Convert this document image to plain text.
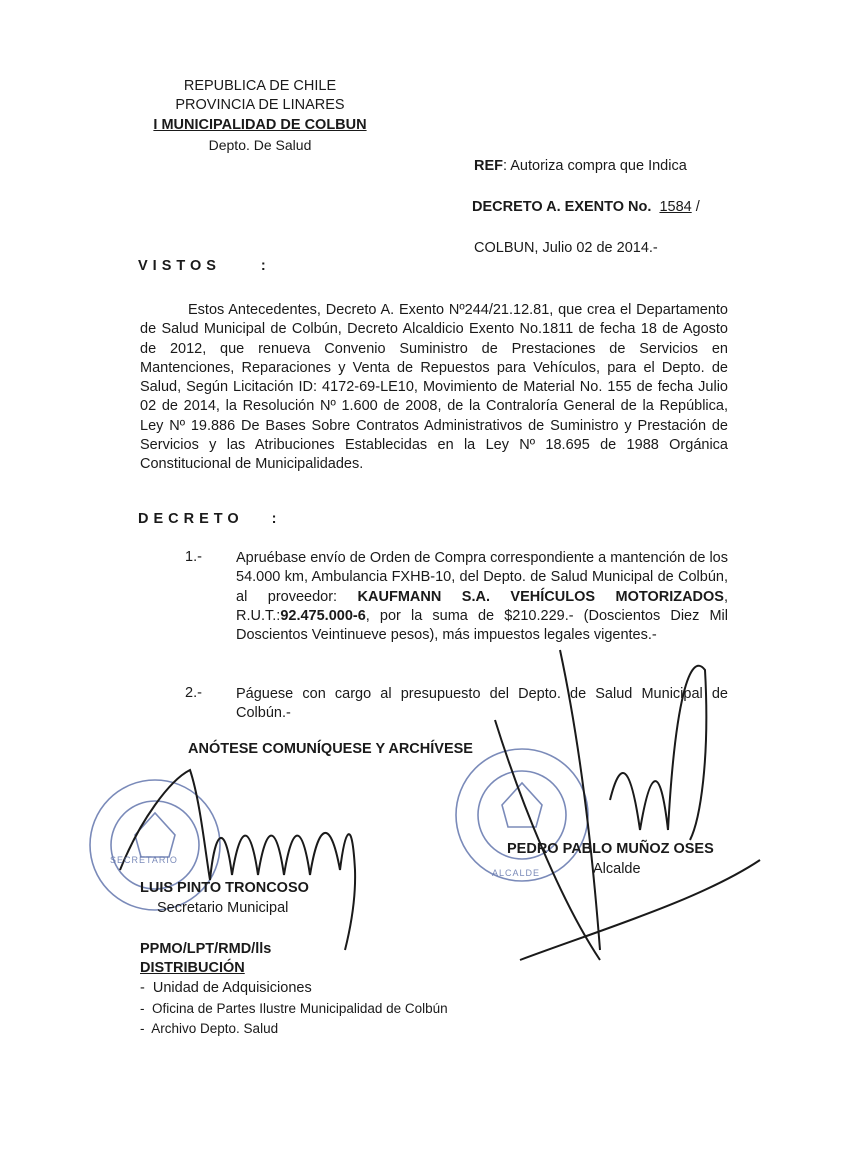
REPUBLICA DE CHILE
PROVINCIA DE LINARES
I MUNICIPALIDAD DE COLBUN
Depto. De Salud
REF: Autoriza compra que Indica
DECRETO A. EXENTO No. 1584 /
COLBUN, Julio 02 de 2014.-
VISTOS	:
Estos Antecedentes, Decreto A. Exento Nº244/21.12.81, que crea el Departamento de Salud Municipal de Colbún, Decreto Alcaldicio Exento No.1811 de fecha 18 de Agosto de 2012, que renueva Convenio Suministro de Prestaciones de Servicios en Mantenciones, Reparaciones y Venta de Repuestos para Vehículos, para el Depto. de Salud, Según Licitación ID: 4172-69-LE10, Movimiento de Material No. 155 de fecha Julio 02 de 2014, la Resolución Nº 1.600 de 2008, de la Contraloría General de la República, Ley Nº 19.886 De Bases Sobre Contratos Administrativos de Suministro y Prestación de Servicios y las Atribuciones Establecidas en la Ley Nº 18.695 de 1988 Orgánica Constitucional de Municipalidades.
DECRETO :
1.- Apruébase envío de Orden de Compra correspondiente a mantención de los 54.000 km, Ambulancia FXHB-10, del Depto. de Salud Municipal de Colbún, al proveedor: KAUFMANN S.A. VEHÍCULOS MOTORIZADOS, R.U.T.:92.475.000-6, por la suma de $210.229.- (Doscientos Diez Mil Doscientos Veintinueve pesos), más impuestos legales vigentes.-
2.- Páguese con cargo al presupuesto del Depto. de Salud Municipal de Colbún.-
ANÓTESE COMUNÍQUESE Y ARCHÍVESE
SECRETARIO
ALCALDE
PEDRO PABLO MUÑOZ OSES
Alcalde
LUIS PINTO TRONCOSO
Secretario Municipal
PPMO/LPT/RMD/lls
DISTRIBUCIÓN
- Unidad de Adquisiciones
- Oficina de Partes Ilustre Municipalidad de Colbún
- Archivo Depto. Salud
